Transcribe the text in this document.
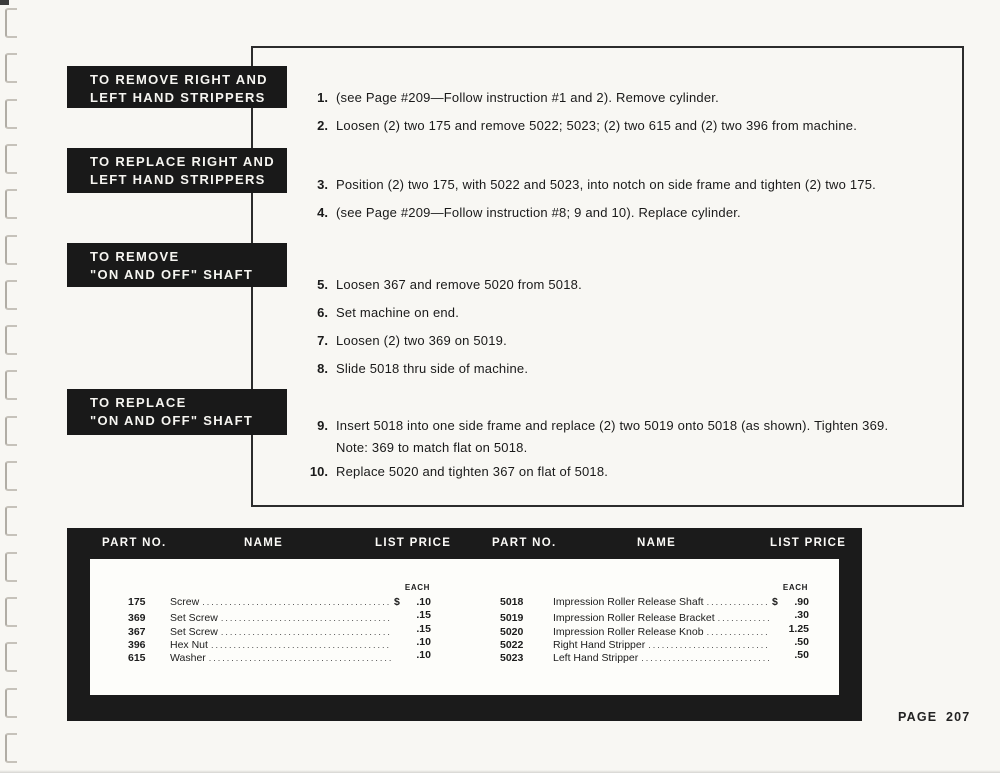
TO REMOVE RIGHT AND
LEFT HAND STRIPPERS
TO REPLACE RIGHT AND
LEFT HAND STRIPPERS
TO REMOVE
"ON AND OFF" SHAFT
TO REPLACE
"ON AND OFF" SHAFT
1. (see Page #209—Follow instruction #1 and 2). Remove cylinder.
2. Loosen (2) two 175 and remove 5022; 5023; (2) two 615 and (2) two 396 from machine.
3. Position (2) two 175, with 5022 and 5023, into notch on side frame and tighten (2) two 175.
4. (see Page #209—Follow instruction #8; 9 and 10). Replace cylinder.
5. Loosen 367 and remove 5020 from 5018.
6. Set machine on end.
7. Loosen (2) two 369 on 5019.
8. Slide 5018 thru side of machine.
9. Insert 5018 into one side frame and replace (2) two 5019 onto 5018 (as shown). Tighten 369.
Note: 369 to match flat on 5018.
10. Replace 5020 and tighten 367 on flat of 5018.
PART NO.	NAME	LIST PRICE	PART NO.	NAME	LIST PRICE
EACH
175	Screw .....	$	.10
369	Set Screw .....	.15
367	Set Screw .....	.15
396	Hex Nut .....	.10
615	Washer .....	.10
EACH
5018	Impression Roller Release Shaft .....	$	.90
5019	Impression Roller Release Bracket .....	.30
5020	Impression Roller Release Knob .....	1.25
5022	Right Hand Stripper .....	.50
5023	Left Hand Stripper .....	.50
PAGE 207
